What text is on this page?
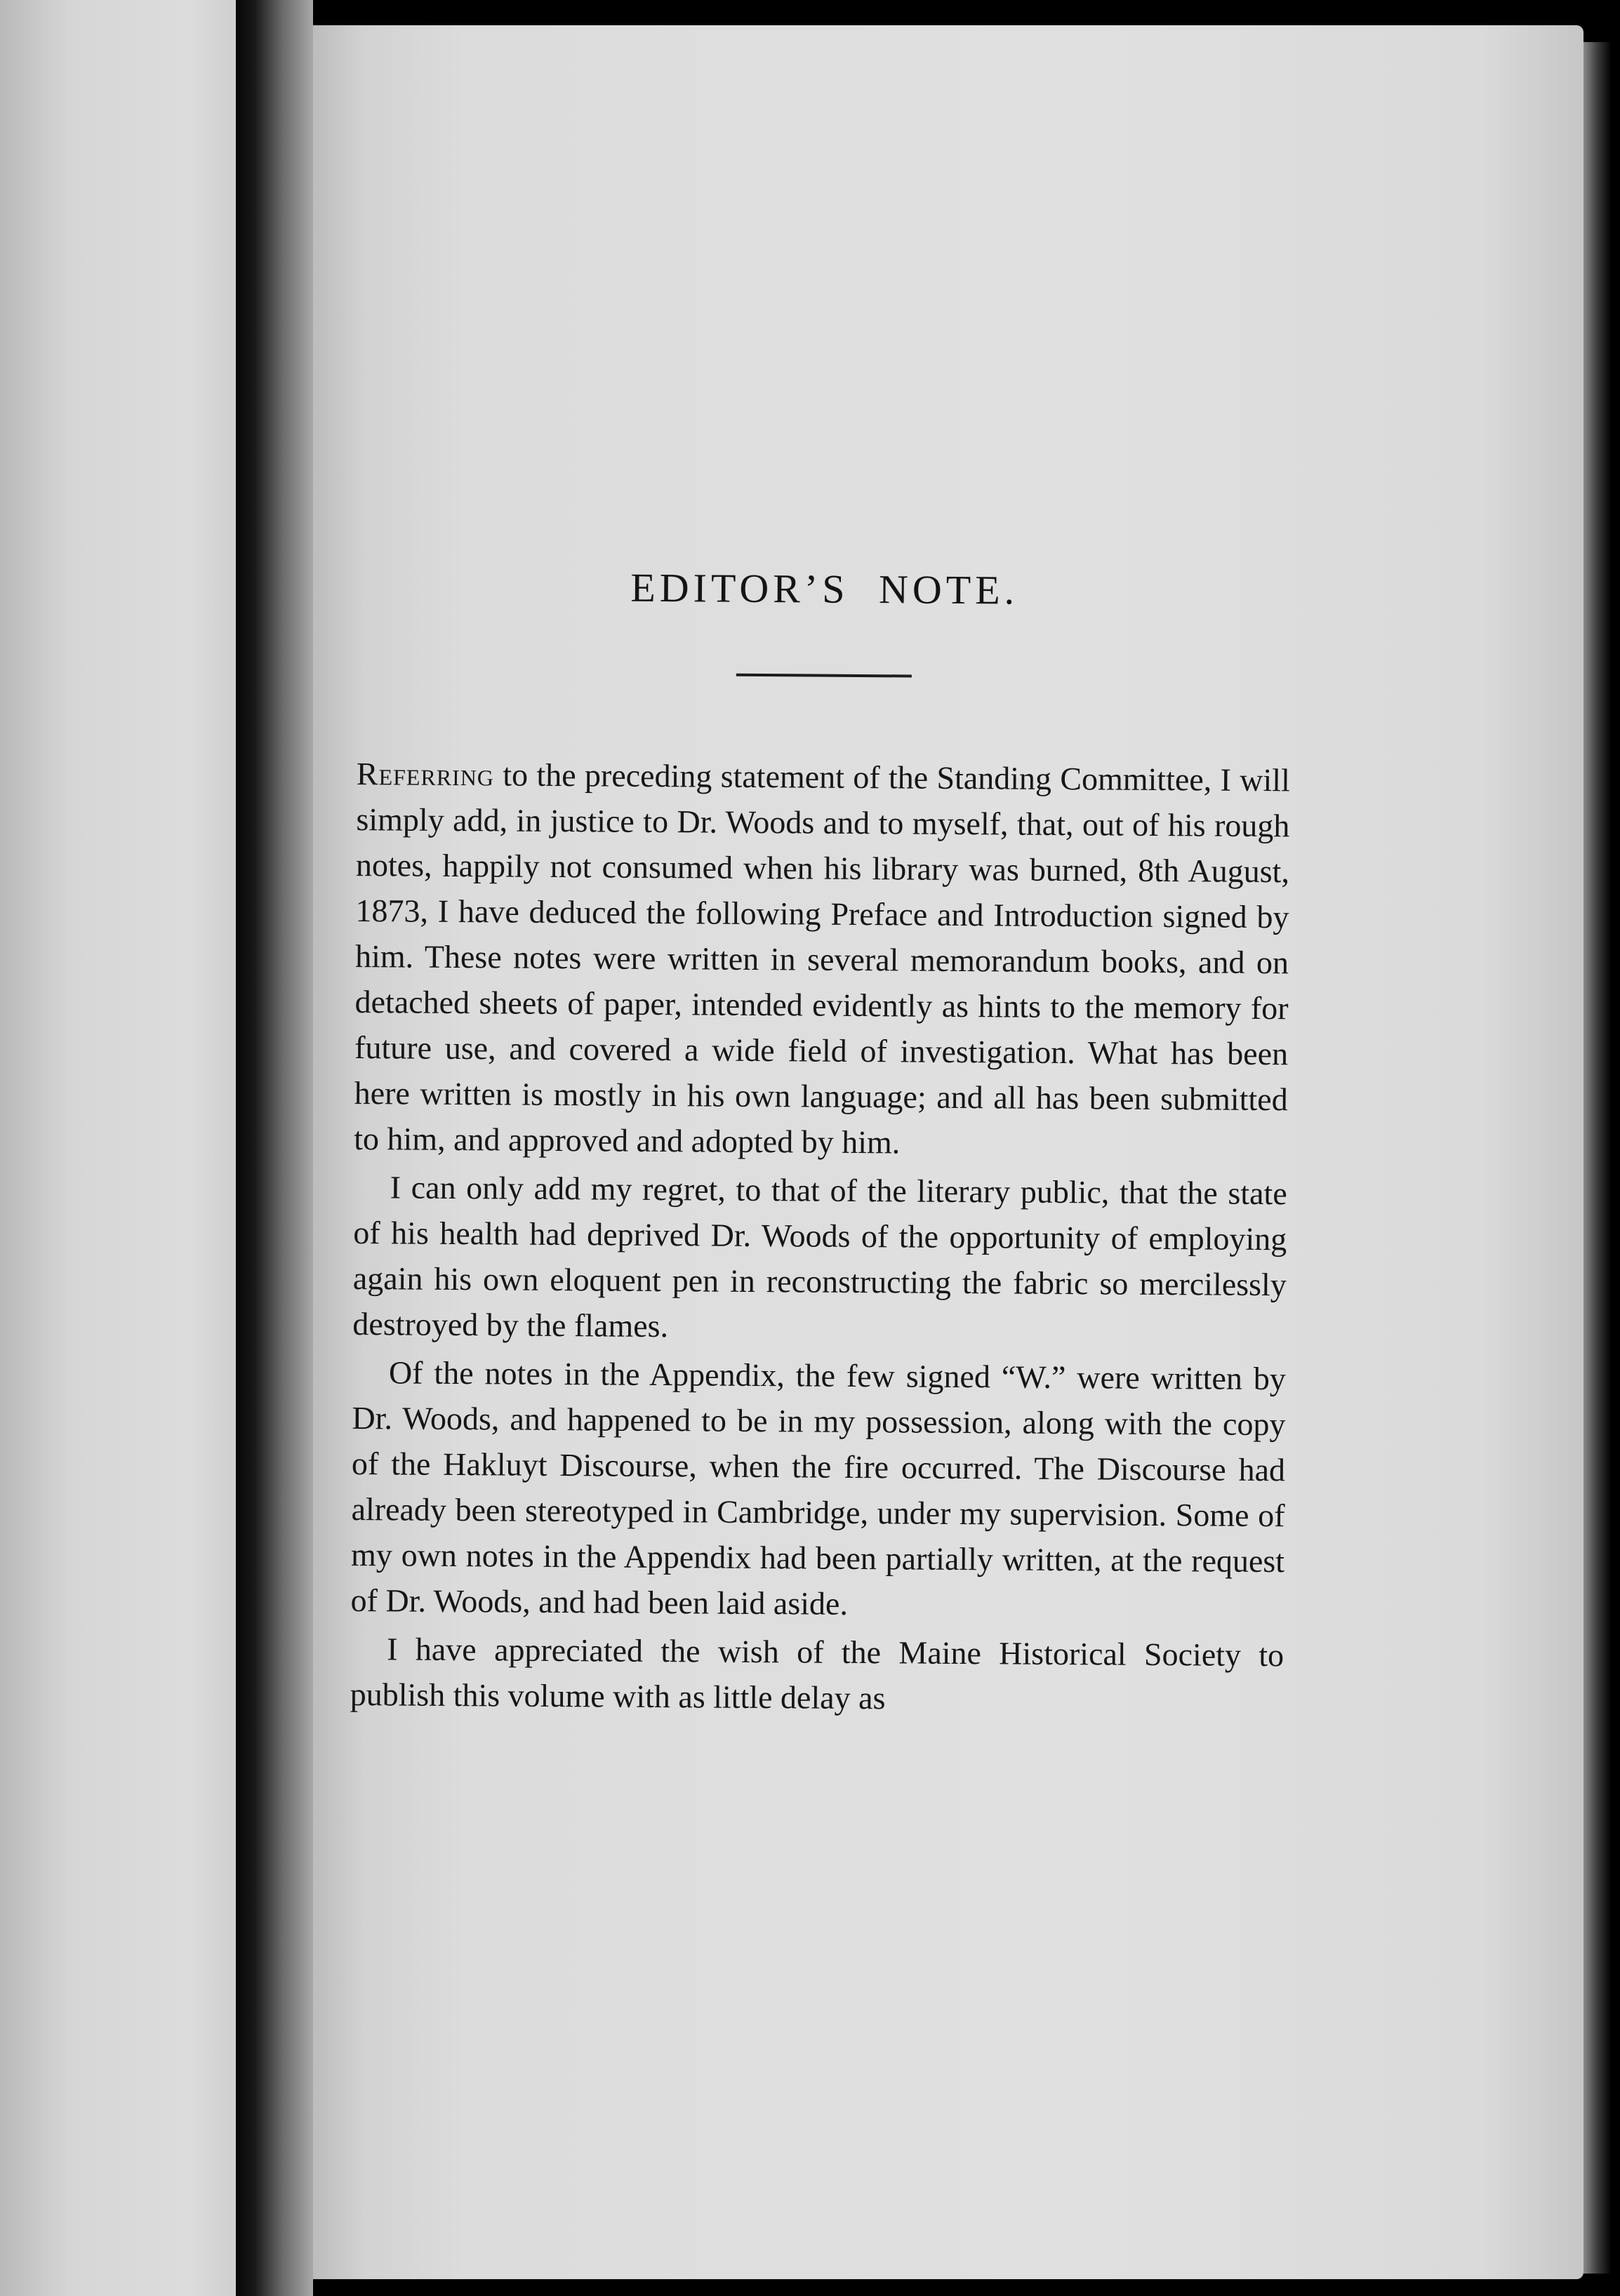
EDITOR’S NOTE.

Referring to the preceding statement of the Standing Committee, I will simply add, in justice to Dr. Woods and to myself, that, out of his rough notes, happily not consumed when his library was burned, 8th August, 1873, I have deduced the following Preface and Introduction signed by him. These notes were written in several memorandum books, and on detached sheets of paper, intended evidently as hints to the memory for future use, and covered a wide field of investigation. What has been here written is mostly in his own language; and all has been submitted to him, and approved and adopted by him.

I can only add my regret, to that of the literary public, that the state of his health had deprived Dr. Woods of the opportunity of employing again his own eloquent pen in reconstructing the fabric so mercilessly destroyed by the flames.

Of the notes in the Appendix, the few signed “W.” were written by Dr. Woods, and happened to be in my possession, along with the copy of the Hakluyt Discourse, when the fire occurred. The Discourse had already been stereotyped in Cambridge, under my supervision. Some of my own notes in the Appendix had been partially written, at the request of Dr. Woods, and had been laid aside.

I have appreciated the wish of the Maine Historical Society to publish this volume with as little delay as
